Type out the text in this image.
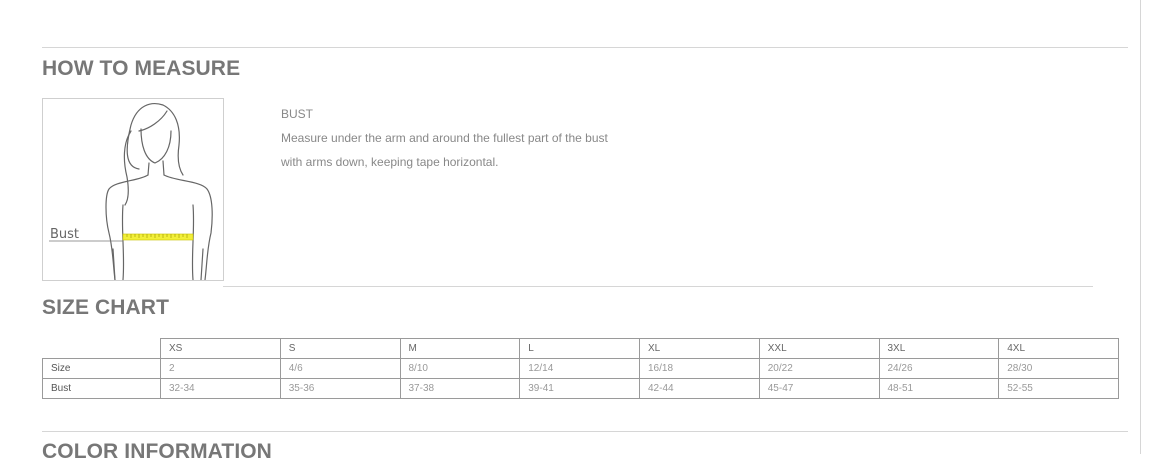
HOW TO MEASURE
Bust
BUST
Measure under the arm and around the fullest part of the bust
with arms down, keeping tape horizontal.
SIZE CHART
	XS	S	M	L	XL	XXL	3XL	4XL
Size	2	4/6	8/10	12/14	16/18	20/22	24/26	28/30
Bust	32-34	35-36	37-38	39-41	42-44	45-47	48-51	52-55
COLOR INFORMATION
